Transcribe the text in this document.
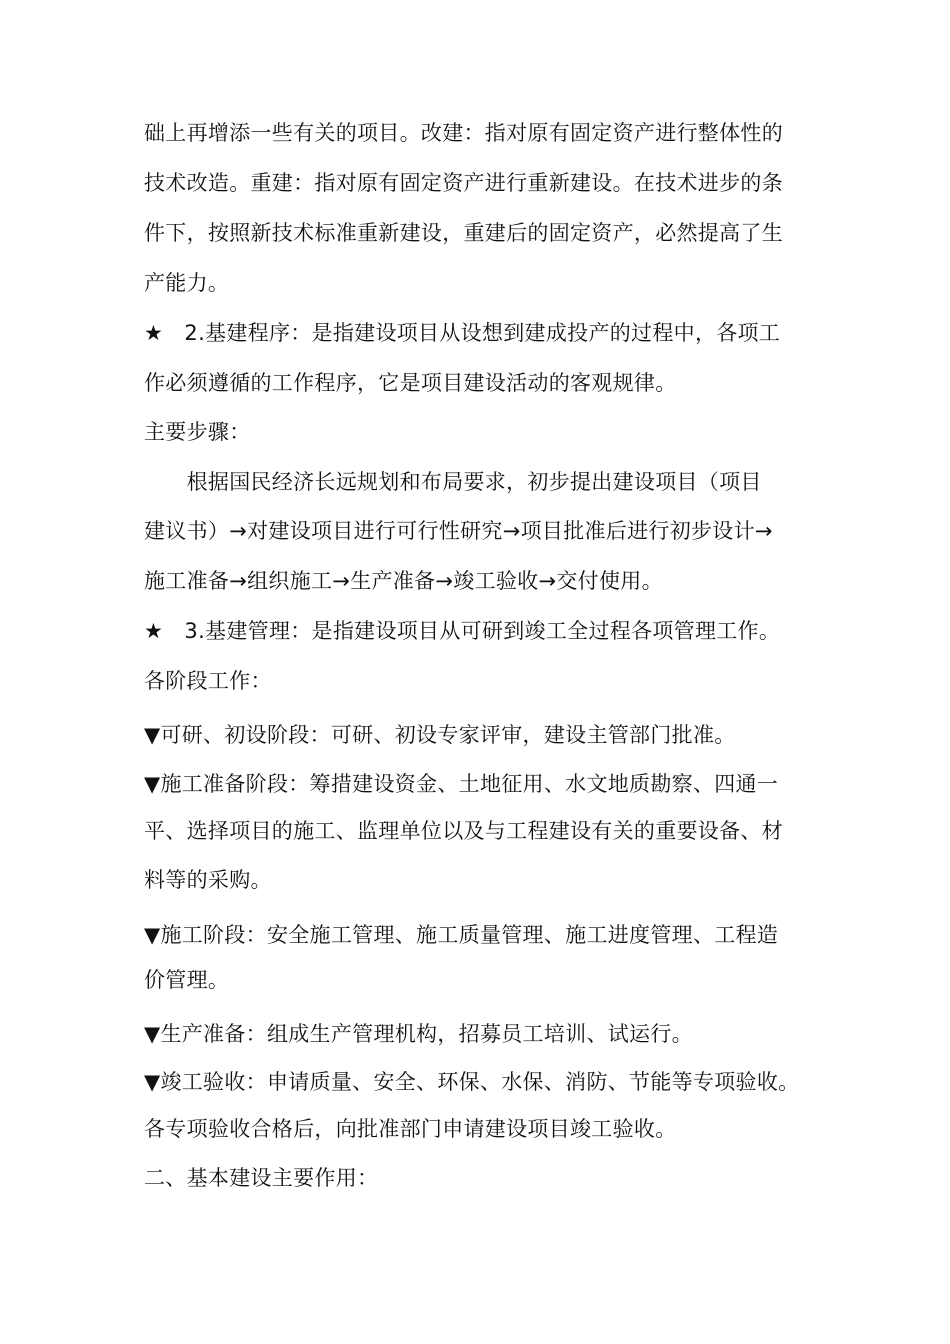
础上再增添一些有关的项目。改建：指对原有固定资产进行整体性的
技术改造。重建：指对原有固定资产进行重新建设。在技术进步的条
件下，按照新技术标准重新建设，重建后的固定资产，必然提高了生
产能力。
★　2.基建程序：是指建设项目从设想到建成投产的过程中，各项工
作必须遵循的工作程序，它是项目建设活动的客观规律。
主要步骤：
　　根据国民经济长远规划和布局要求，初步提出建设项目（项目
建议书）→对建设项目进行可行性研究→项目批准后进行初步设计→
施工准备→组织施工→生产准备→竣工验收→交付使用。
★　3.基建管理：是指建设项目从可研到竣工全过程各项管理工作。
各阶段工作：
▼可研、初设阶段：可研、初设专家评审，建设主管部门批准。
▼施工准备阶段：筹措建设资金、土地征用、水文地质勘察、四通一
平、选择项目的施工、监理单位以及与工程建设有关的重要设备、材
料等的采购。
▼施工阶段：安全施工管理、施工质量管理、施工进度管理、工程造
价管理。
▼生产准备：组成生产管理机构，招募员工培训、试运行。
▼竣工验收：申请质量、安全、环保、水保、消防、节能等专项验收。
各专项验收合格后，向批准部门申请建设项目竣工验收。
二、基本建设主要作用：
